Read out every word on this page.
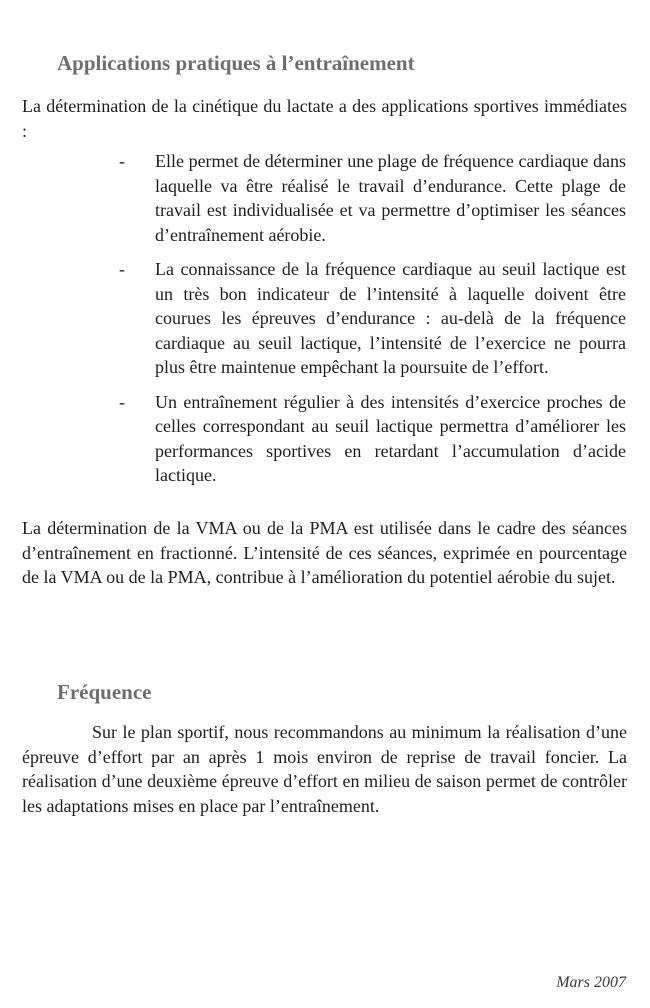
Applications pratiques à l’entraînement

La détermination de la cinétique du lactate a des applications sportives immédiates :

- Elle permet de déterminer une plage de fréquence cardiaque dans laquelle va être réalisé le travail d’endurance. Cette plage de travail est individualisée et va permettre d’optimiser les séances d’entraînement aérobie.

- La connaissance de la fréquence cardiaque au seuil lactique est un très bon indicateur de l’intensité à laquelle doivent être courues les épreuves d’endurance : au-delà de la fréquence cardiaque au seuil lactique, l’intensité de l’exercice ne pourra plus être maintenue empêchant la poursuite de l’effort.

- Un entraînement régulier à des intensités d’exercice proches de celles correspondant au seuil lactique permettra d’améliorer les performances sportives en retardant l’accumulation d’acide lactique.

La détermination de la VMA ou de la PMA est utilisée dans le cadre des séances d’entraînement en fractionné. L’intensité de ces séances, exprimée en pourcentage de la VMA ou de la PMA, contribue à l’amélioration du potentiel aérobie du sujet.

Fréquence

Sur le plan sportif, nous recommandons au minimum la réalisation d’une épreuve d’effort par an après 1 mois environ de reprise de travail foncier. La réalisation d’une deuxième épreuve d’effort en milieu de saison permet de contrôler les adaptations mises en place par l’entraînement.

Mars 2007
